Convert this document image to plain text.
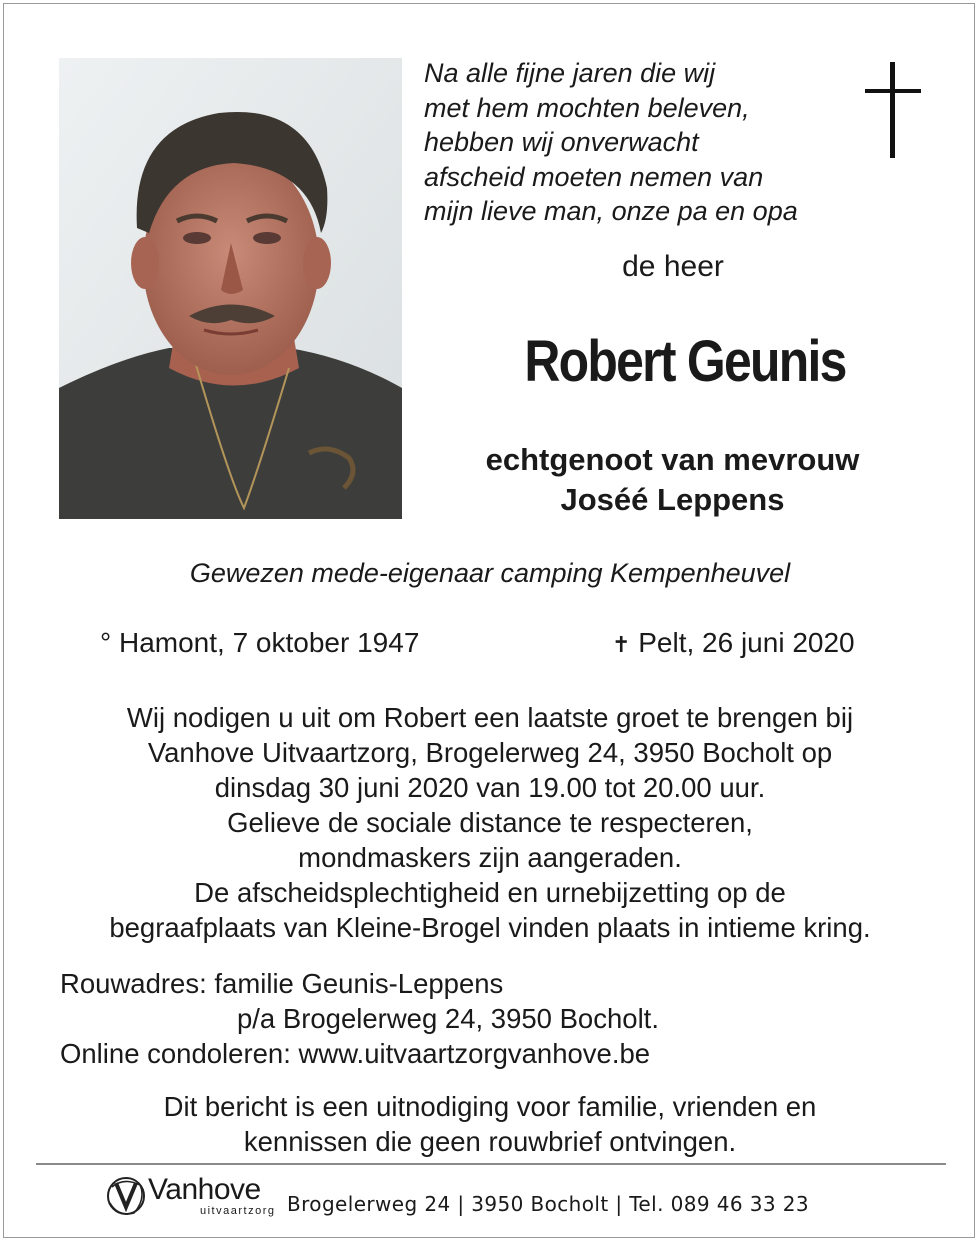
Na alle fijne jaren die wij
met hem mochten beleven,
hebben wij onverwacht
afscheid moeten nemen van
mijn lieve man, onze pa en opa
de heer
Robert Geunis
echtgenoot van mevrouw
Joséé Leppens
Gewezen mede-eigenaar camping Kempenheuvel
° Hamont, 7 oktober 1947	✝ Pelt, 26 juni 2020
Wij nodigen u uit om Robert een laatste groet te brengen bij
Vanhove Uitvaartzorg, Brogelerweg 24, 3950 Bocholt op
dinsdag 30 juni 2020 van 19.00 tot 20.00 uur.
Gelieve de sociale distance te respecteren,
mondmaskers zijn aangeraden.
De afscheidsplechtigheid en urnebijzetting op de
begraafplaats van Kleine-Brogel vinden plaats in intieme kring.
Rouwadres: familie Geunis-Leppens
p/a Brogelerweg 24, 3950 Bocholt.
Online condoleren: www.uitvaartzorgvanhove.be
Dit bericht is een uitnodiging voor familie, vrienden en
kennissen die geen rouwbrief ontvingen.
Vanhove
uitvaartzorg Brogelerweg 24 | 3950 Bocholt | Tel. 089 46 33 23
